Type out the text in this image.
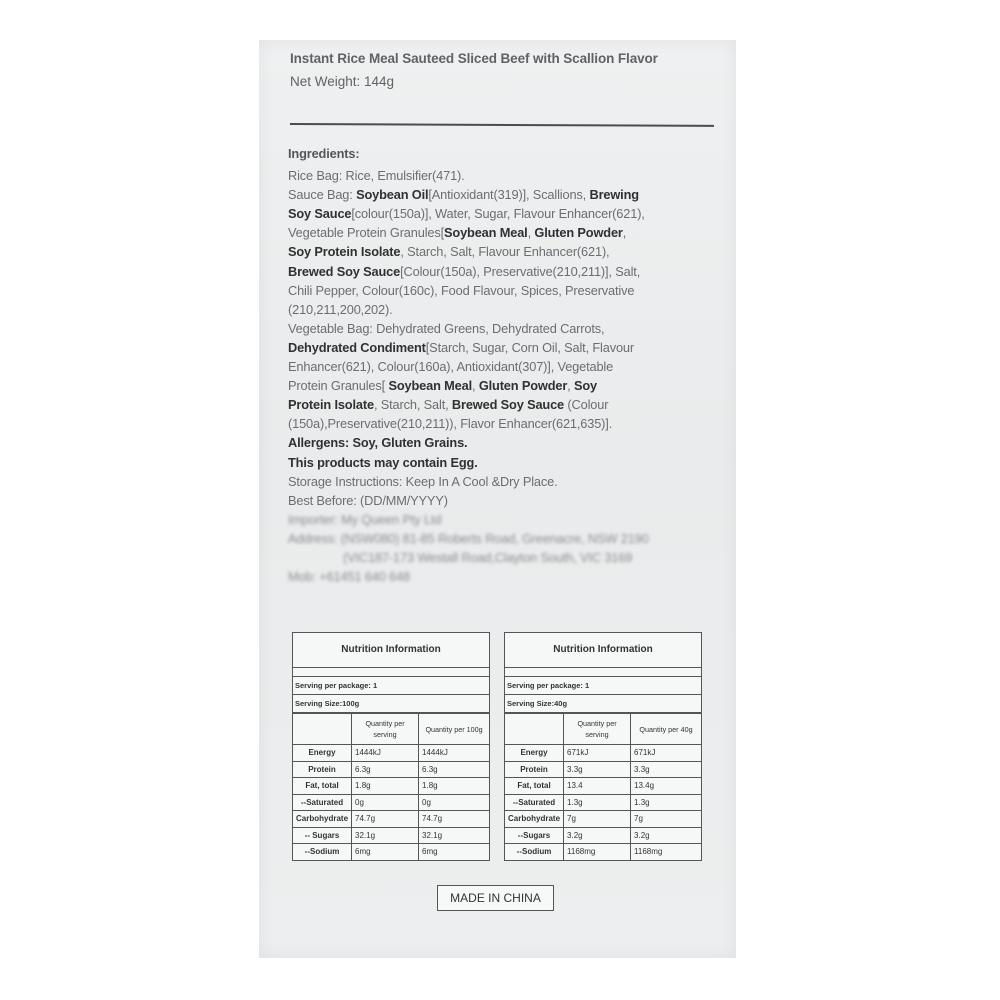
Instant Rice Meal Sauteed Sliced Beef with Scallion Flavor
Net Weight: 144g
Ingredients:
Rice Bag: Rice, Emulsifier(471).
Sauce Bag: Soybean Oil[Antioxidant(319)], Scallions, Brewing
Soy Sauce[colour(150a)], Water, Sugar, Flavour Enhancer(621),
Vegetable Protein Granules[Soybean Meal, Gluten Powder,
Soy Protein Isolate, Starch, Salt, Flavour Enhancer(621),
Brewed Soy Sauce[Colour(150a), Preservative(210,211)], Salt,
Chili Pepper, Colour(160c), Food Flavour, Spices, Preservative
(210,211,200,202).
Vegetable Bag: Dehydrated Greens, Dehydrated Carrots,
Dehydrated Condiment[Starch, Sugar, Corn Oil, Salt, Flavour
Enhancer(621), Colour(160a), Antioxidant(307)], Vegetable
Protein Granules[ Soybean Meal, Gluten Powder, Soy
Protein Isolate, Starch, Salt, Brewed Soy Sauce (Colour
(150a),Preservative(210,211)), Flavor Enhancer(621,635)].
Allergens: Soy, Gluten Grains.
This products may contain Egg.
Storage Instructions: Keep In A Cool &Dry Place.
Best Before: (DD/MM/YYYY)
Importer: My Queen Pty Ltd
Address: (NSW080) 81-85 Roberts Road, Greenacre, NSW 2190
(VIC187-173 Westall Road,Clayton South, VIC 3169
Mob: +61451 640 648
Nutrition Information
Serving per package: 1
Serving Size:100g
	Quantity per serving	Quantity per 100g
Energy	1444kJ	1444kJ
Protein	6.3g	6.3g
Fat, total	1.8g	1.8g
--Saturated	0g	0g
Carbohydrate	74.7g	74.7g
-- Sugars	32.1g	32.1g
--Sodium	6mg	6mg
Nutrition Information
Serving per package: 1
Serving Size:40g
	Quantity per serving	Quantity per 40g
Energy	671kJ	671kJ
Protein	3.3g	3.3g
Fat, total	13.4	13.4g
--Saturated	1.3g	1.3g
Carbohydrate	7g	7g
--Sugars	3.2g	3.2g
--Sodium	1168mg	1168mg
MADE IN CHINA
